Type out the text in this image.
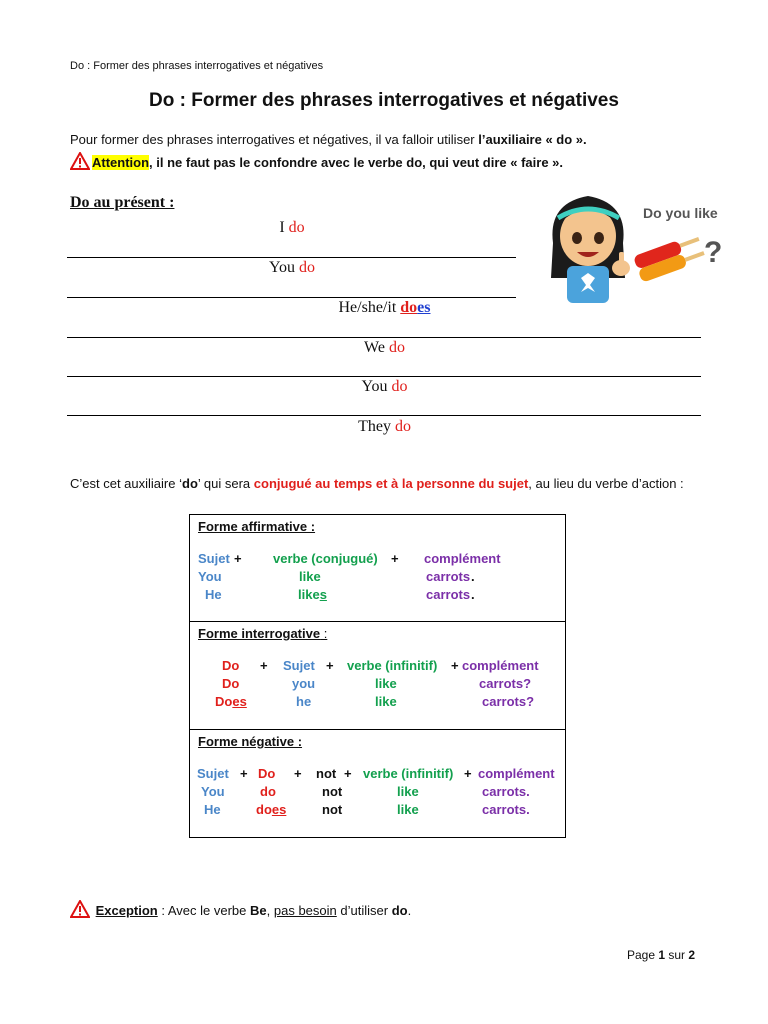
Do : Former des phrases interrogatives et négatives
Do : Former des phrases interrogatives et négatives
Pour former des phrases interrogatives et négatives, il va falloir utiliser l’auxiliaire « do ».
Attention, il ne faut pas le confondre avec le verbe do, qui veut dire « faire ».
Do au présent :
I do
You do
He/she/it does
We do
You do
They do
Do you like
?
C’est cet auxiliaire ‘do’ qui sera conjugué au temps et à la personne du sujet, au lieu du verbe d’action :
Forme affirmative :
Sujet + verbe (conjugué) + complément
You	like	carrots .
He	likes	carrots .
Forme interrogative :
Do + Sujet + verbe (infinitif) + complément
Do	you	like	carrots?
Does	he	like	carrots?
Forme négative :
Sujet + Do + not + verbe (infinitif) + complément
You	do	not	like	carrots.
He	does	not	like	carrots.
Exception : Avec le verbe Be, pas besoin d’utiliser do.
Page 1 sur 2
